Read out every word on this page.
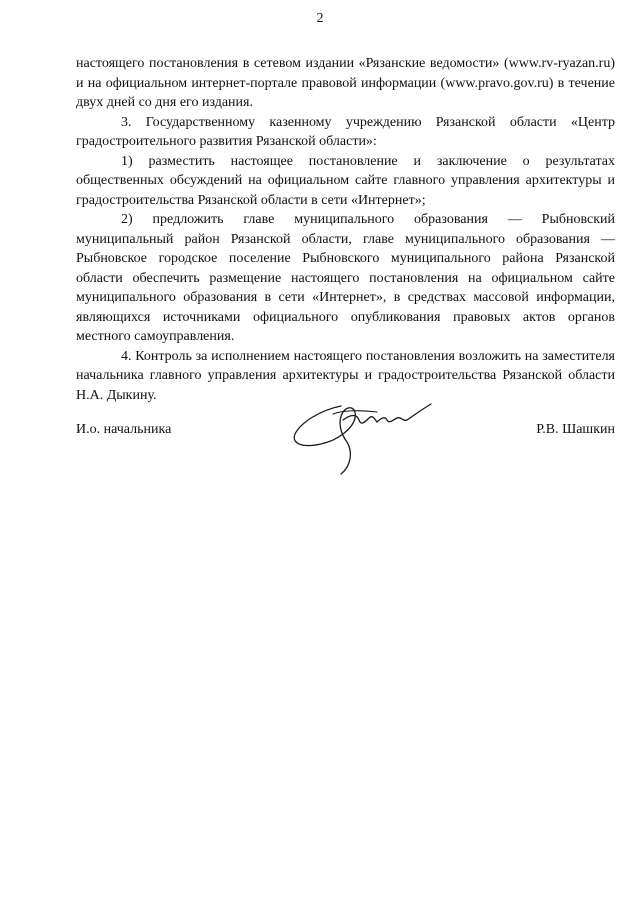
2

настоящего постановления в сетевом издании «Рязанские ведомости» (www.rv-ryazan.ru) и на официальном интернет-портале правовой информации (www.pravo.gov.ru) в течение двух дней со дня его издания.

3. Государственному казенному учреждению Рязанской области «Центр градостроительного развития Рязанской области»:

1) разместить настоящее постановление и заключение о результатах общественных обсуждений на официальном сайте главного управления архитектуры и градостроительства Рязанской области в сети «Интернет»;

2) предложить главе муниципального образования — Рыбновский муниципальный район Рязанской области, главе муниципального образования — Рыбновское городское поселение Рыбновского муниципального района Рязанской области обеспечить размещение настоящего постановления на официальном сайте муниципального образования в сети «Интернет», в средствах массовой информации, являющихся источниками официального опубликования правовых актов органов местного самоуправления.

4. Контроль за исполнением настоящего постановления возложить на заместителя начальника главного управления архитектуры и градостроительства Рязанской области Н.А. Дыкину.

И.о. начальника	Р.В. Шашкин
